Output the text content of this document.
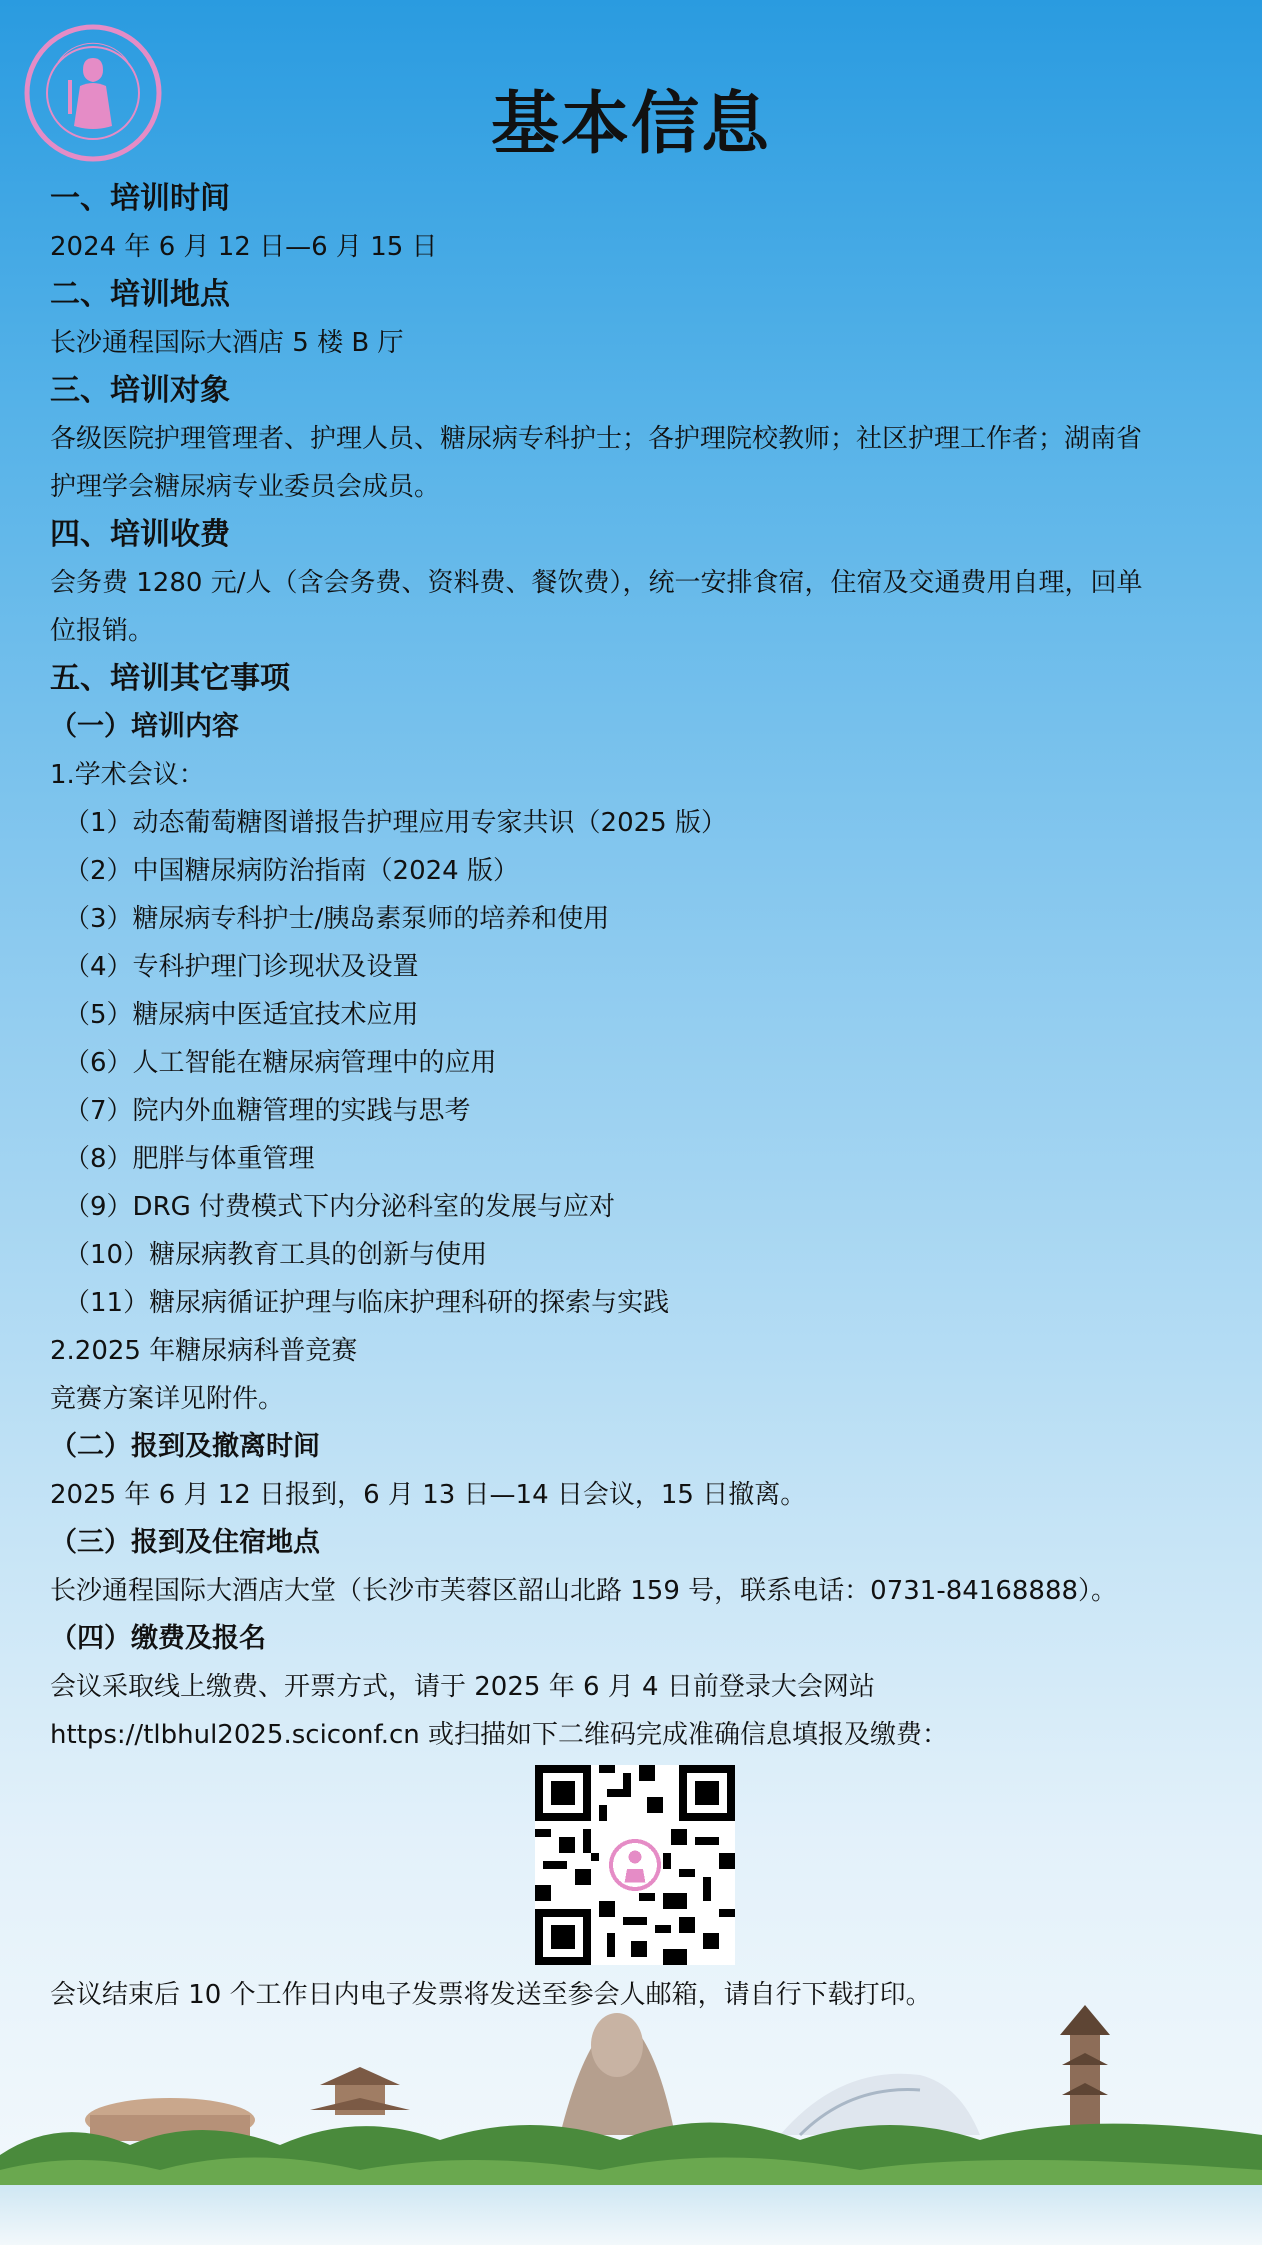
基本信息
一、培训时间
2024 年 6 月 12 日—6 月 15 日
二、培训地点
长沙通程国际大酒店 5 楼 B 厅
三、培训对象
各级医院护理管理者、护理人员、糖尿病专科护士；各护理院校教师；社区护理工作者；湖南省
护理学会糖尿病专业委员会成员。
四、培训收费
会务费 1280 元/人（含会务费、资料费、餐饮费），统一安排食宿，住宿及交通费用自理，回单
位报销。
五、培训其它事项
（一）培训内容
1.学术会议：
（1）动态葡萄糖图谱报告护理应用专家共识（2025 版）
（2）中国糖尿病防治指南（2024 版）
（3）糖尿病专科护士/胰岛素泵师的培养和使用
（4）专科护理门诊现状及设置
（5）糖尿病中医适宜技术应用
（6）人工智能在糖尿病管理中的应用
（7）院内外血糖管理的实践与思考
（8）肥胖与体重管理
（9）DRG 付费模式下内分泌科室的发展与应对
（10）糖尿病教育工具的创新与使用
（11）糖尿病循证护理与临床护理科研的探索与实践
2.2025 年糖尿病科普竞赛
竞赛方案详见附件。
（二）报到及撤离时间
2025 年 6 月 12 日报到，6 月 13 日—14 日会议，15 日撤离。
（三）报到及住宿地点
长沙通程国际大酒店大堂（长沙市芙蓉区韶山北路 159 号，联系电话：0731-84168888）。
（四）缴费及报名
会议采取线上缴费、开票方式，请于 2025 年 6 月 4 日前登录大会网站
https://tlbhul2025.sciconf.cn 或扫描如下二维码完成准确信息填报及缴费：
会议结束后 10 个工作日内电子发票将发送至参会人邮箱，请自行下载打印。
